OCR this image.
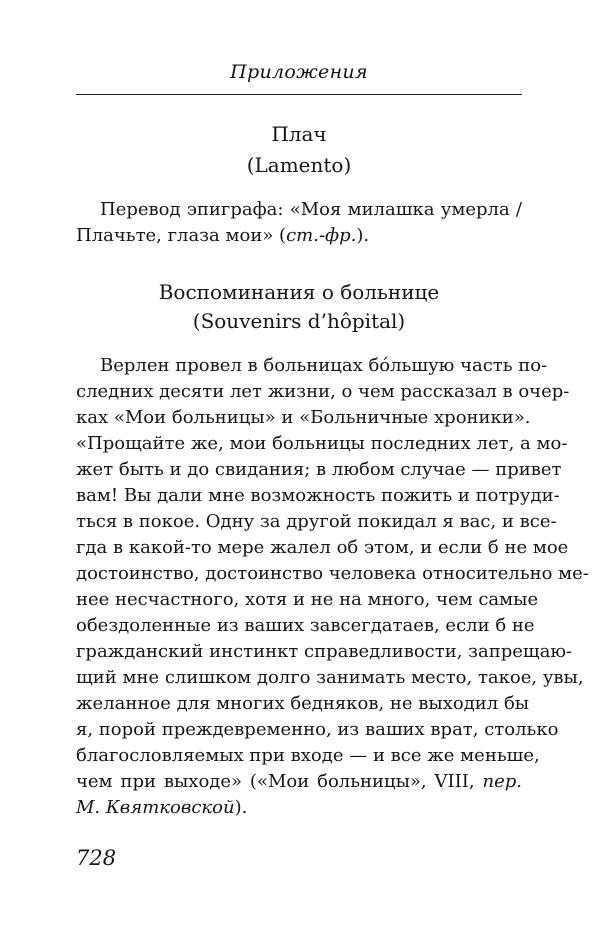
Приложения
Плач
(Lamento)
Перевод эпиграфа: «Моя милашка умерла /
Плачьте, глаза мои» (ст.-фр.).
Воспоминания о больнице
(Souvenirs d’hôpital)
Верлен провел в больницах бóльшую часть по-
следних десяти лет жизни, о чем рассказал в очер-
ках «Мои больницы» и «Больничные хроники».
«Прощайте же, мои больницы последних лет, а мо-
жет быть и до свидания; в любом случае — привет
вам! Вы дали мне возможность пожить и потруди-
ться в покое. Одну за другой покидал я вас, и все-
гда в какой-то мере жалел об этом, и если б не мое
достоинство, достоинство человека относительно ме-
нее несчастного, хотя и не на много, чем самые
обездоленные из ваших завсегдатаев, если б не
гражданский инстинкт справедливости, запрещаю-
щий мне слишком долго занимать место, такое, увы,
желанное для многих бедняков, не выходил бы
я, порой преждевременно, из ваших врат, столько
благословляемых при входе — и все же меньше,
чем при выходе» («Мои больницы», VIII, пер.
М. Квятковской).
728
